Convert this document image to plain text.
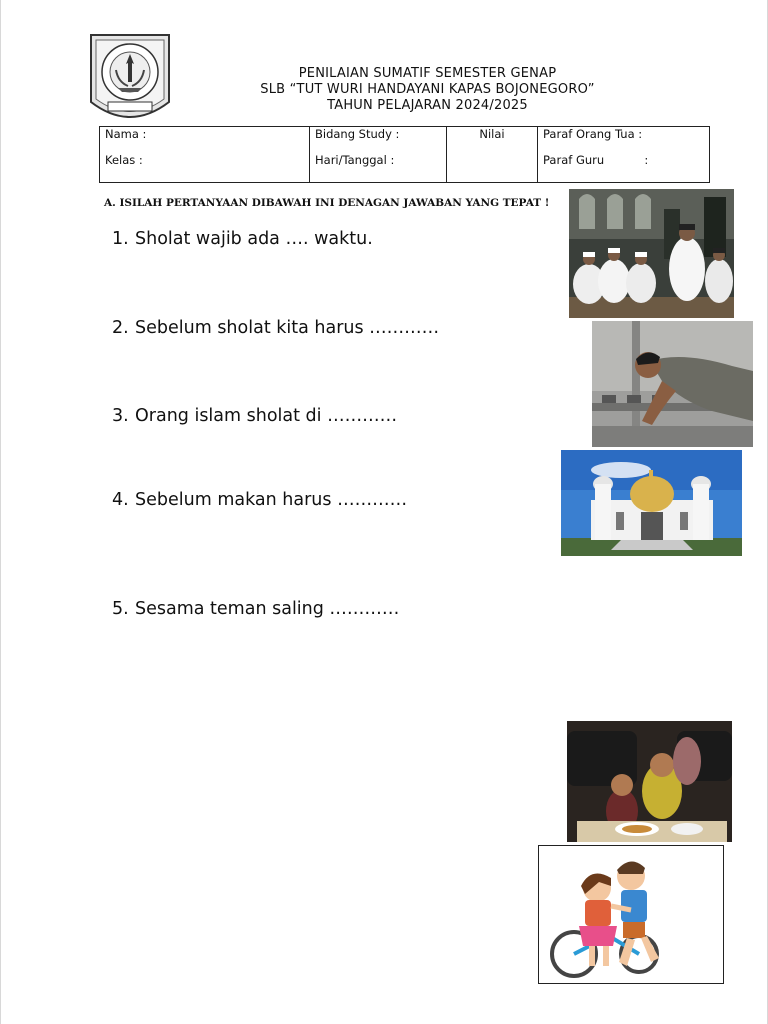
PENILAIAN SUMATIF SEMESTER GENAP
SLB “TUT WURI HANDAYANI KAPAS BOJONEGORO”
TAHUN PELAJARAN 2024/2025
Nama :
Kelas :

Bidang Study :
Hari/Tanggal :

Nilai	Paraf Orang Tua :
Paraf Guru           :
A. ISILAH PERTANYAAN DIBAWAH INI DENAGAN JAWABAN YANG TEPAT !
1. Sholat wajib ada …. waktu.
2. Sebelum sholat kita harus …………
3. Orang islam sholat di …………
4. Sebelum makan harus …………
5. Sesama teman saling …………
